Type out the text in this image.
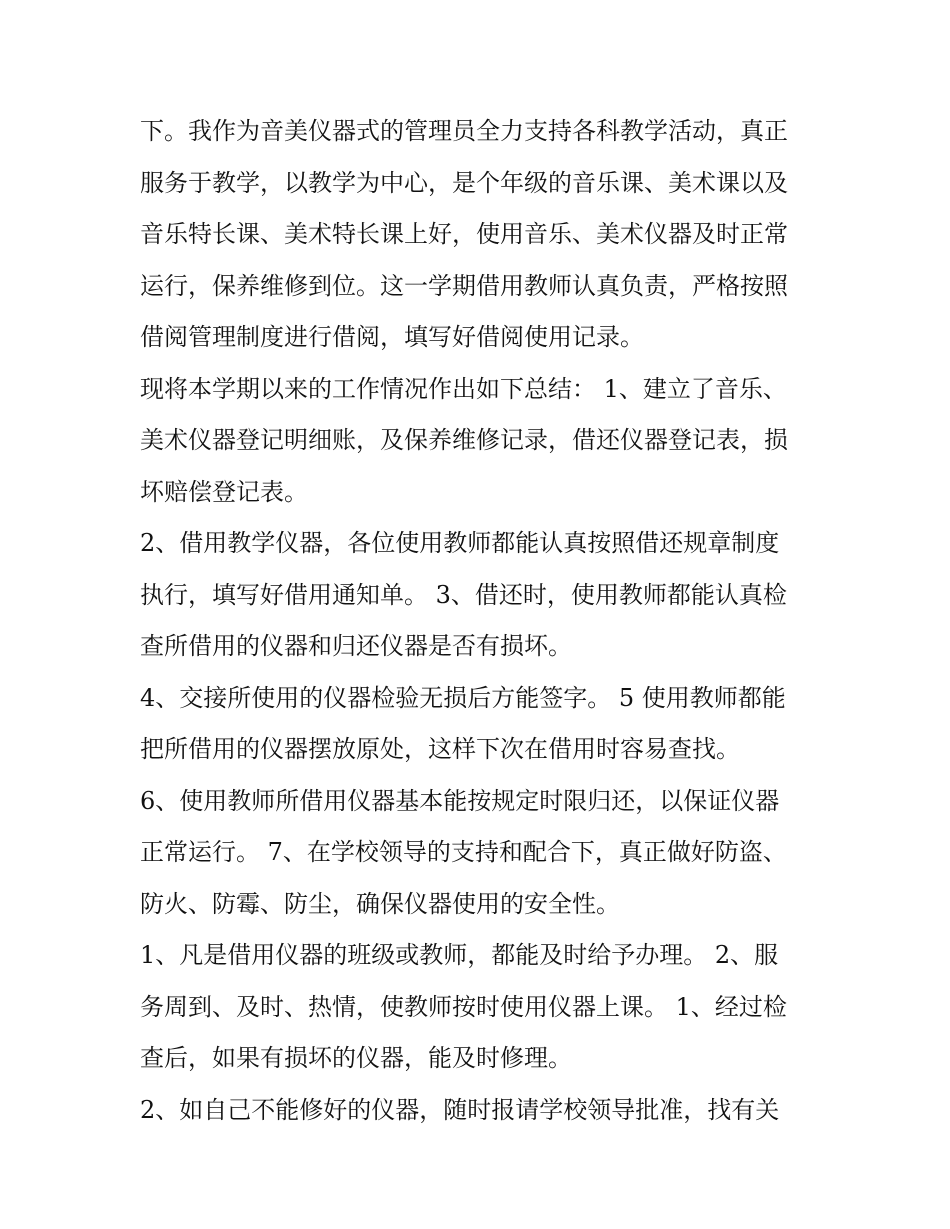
下。我作为音美仪器式的管理员全力支持各科教学活动，真正
服务于教学，以教学为中心，是个年级的音乐课、美术课以及
音乐特长课、美术特长课上好，使用音乐、美术仪器及时正常
运行，保养维修到位。这一学期借用教师认真负责，严格按照
借阅管理制度进行借阅，填写好借阅使用记录。
现将本学期以来的工作情况作出如下总结： 1、建立了音乐、
美术仪器登记明细账，及保养维修记录，借还仪器登记表，损
坏赔偿登记表。
2、借用教学仪器，各位使用教师都能认真按照借还规章制度
执行，填写好借用通知单。 3、借还时，使用教师都能认真检
查所借用的仪器和归还仪器是否有损坏。
4、交接所使用的仪器检验无损后方能签字。 5 使用教师都能
把所借用的仪器摆放原处，这样下次在借用时容易查找。
6、使用教师所借用仪器基本能按规定时限归还，以保证仪器
正常运行。 7、在学校领导的支持和配合下，真正做好防盗、
防火、防霉、防尘，确保仪器使用的安全性。
1、凡是借用仪器的班级或教师，都能及时给予办理。 2、服
务周到、及时、热情，使教师按时使用仪器上课。 1、经过检
查后，如果有损坏的仪器，能及时修理。
2、如自己不能修好的仪器，随时报请学校领导批准，找有关
